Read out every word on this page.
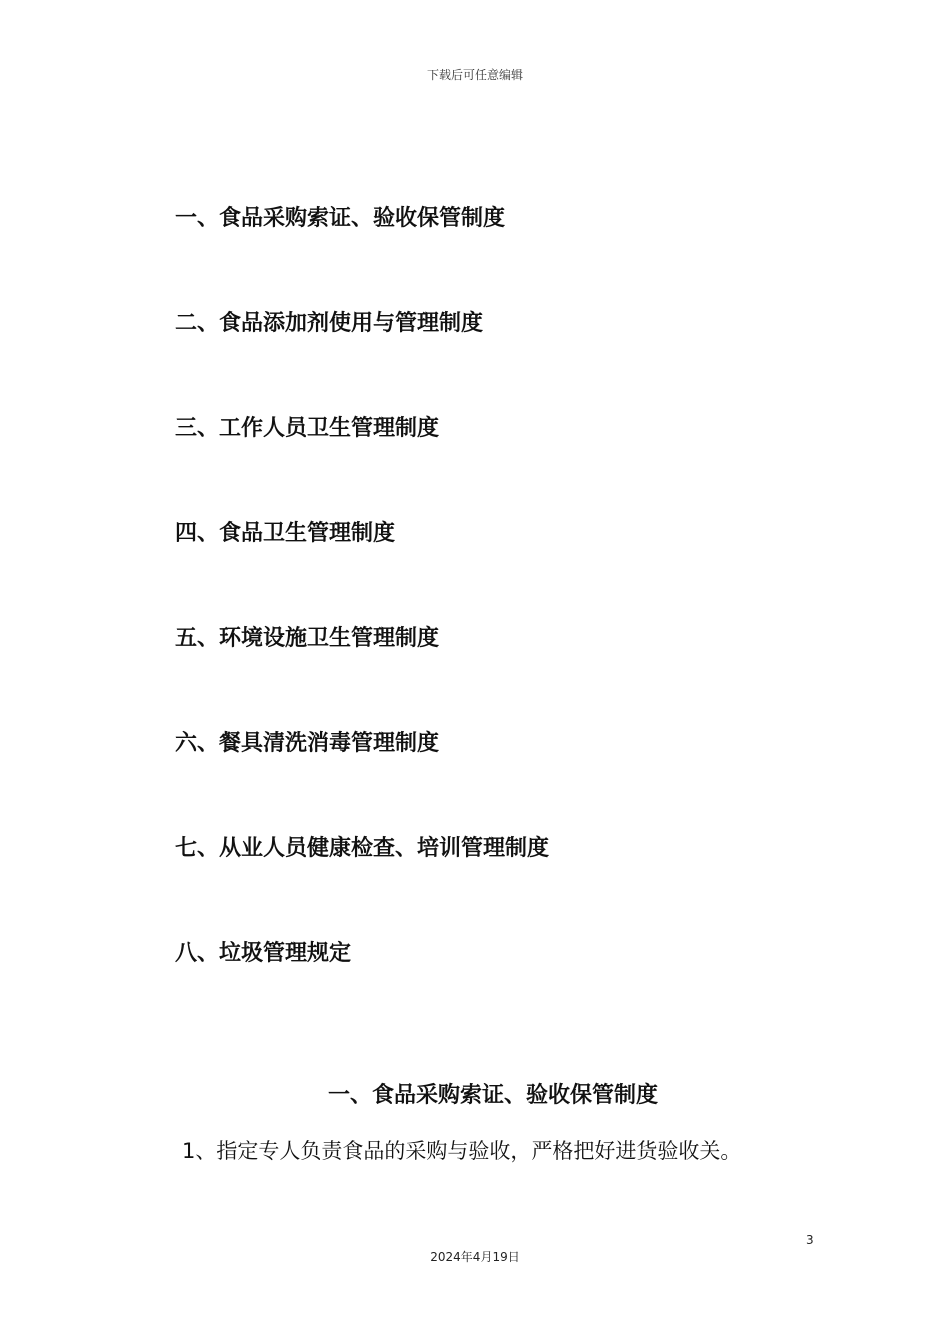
下载后可任意编辑
一、食品采购索证、验收保管制度
二、食品添加剂使用与管理制度
三、工作人员卫生管理制度
四、食品卫生管理制度
五、环境设施卫生管理制度
六、餐具清洗消毒管理制度
七、从业人员健康检查、培训管理制度
八、垃圾管理规定
一、食品采购索证、验收保管制度
1、指定专人负责食品的采购与验收，严格把好进货验收关。
3
2024年4月19日
